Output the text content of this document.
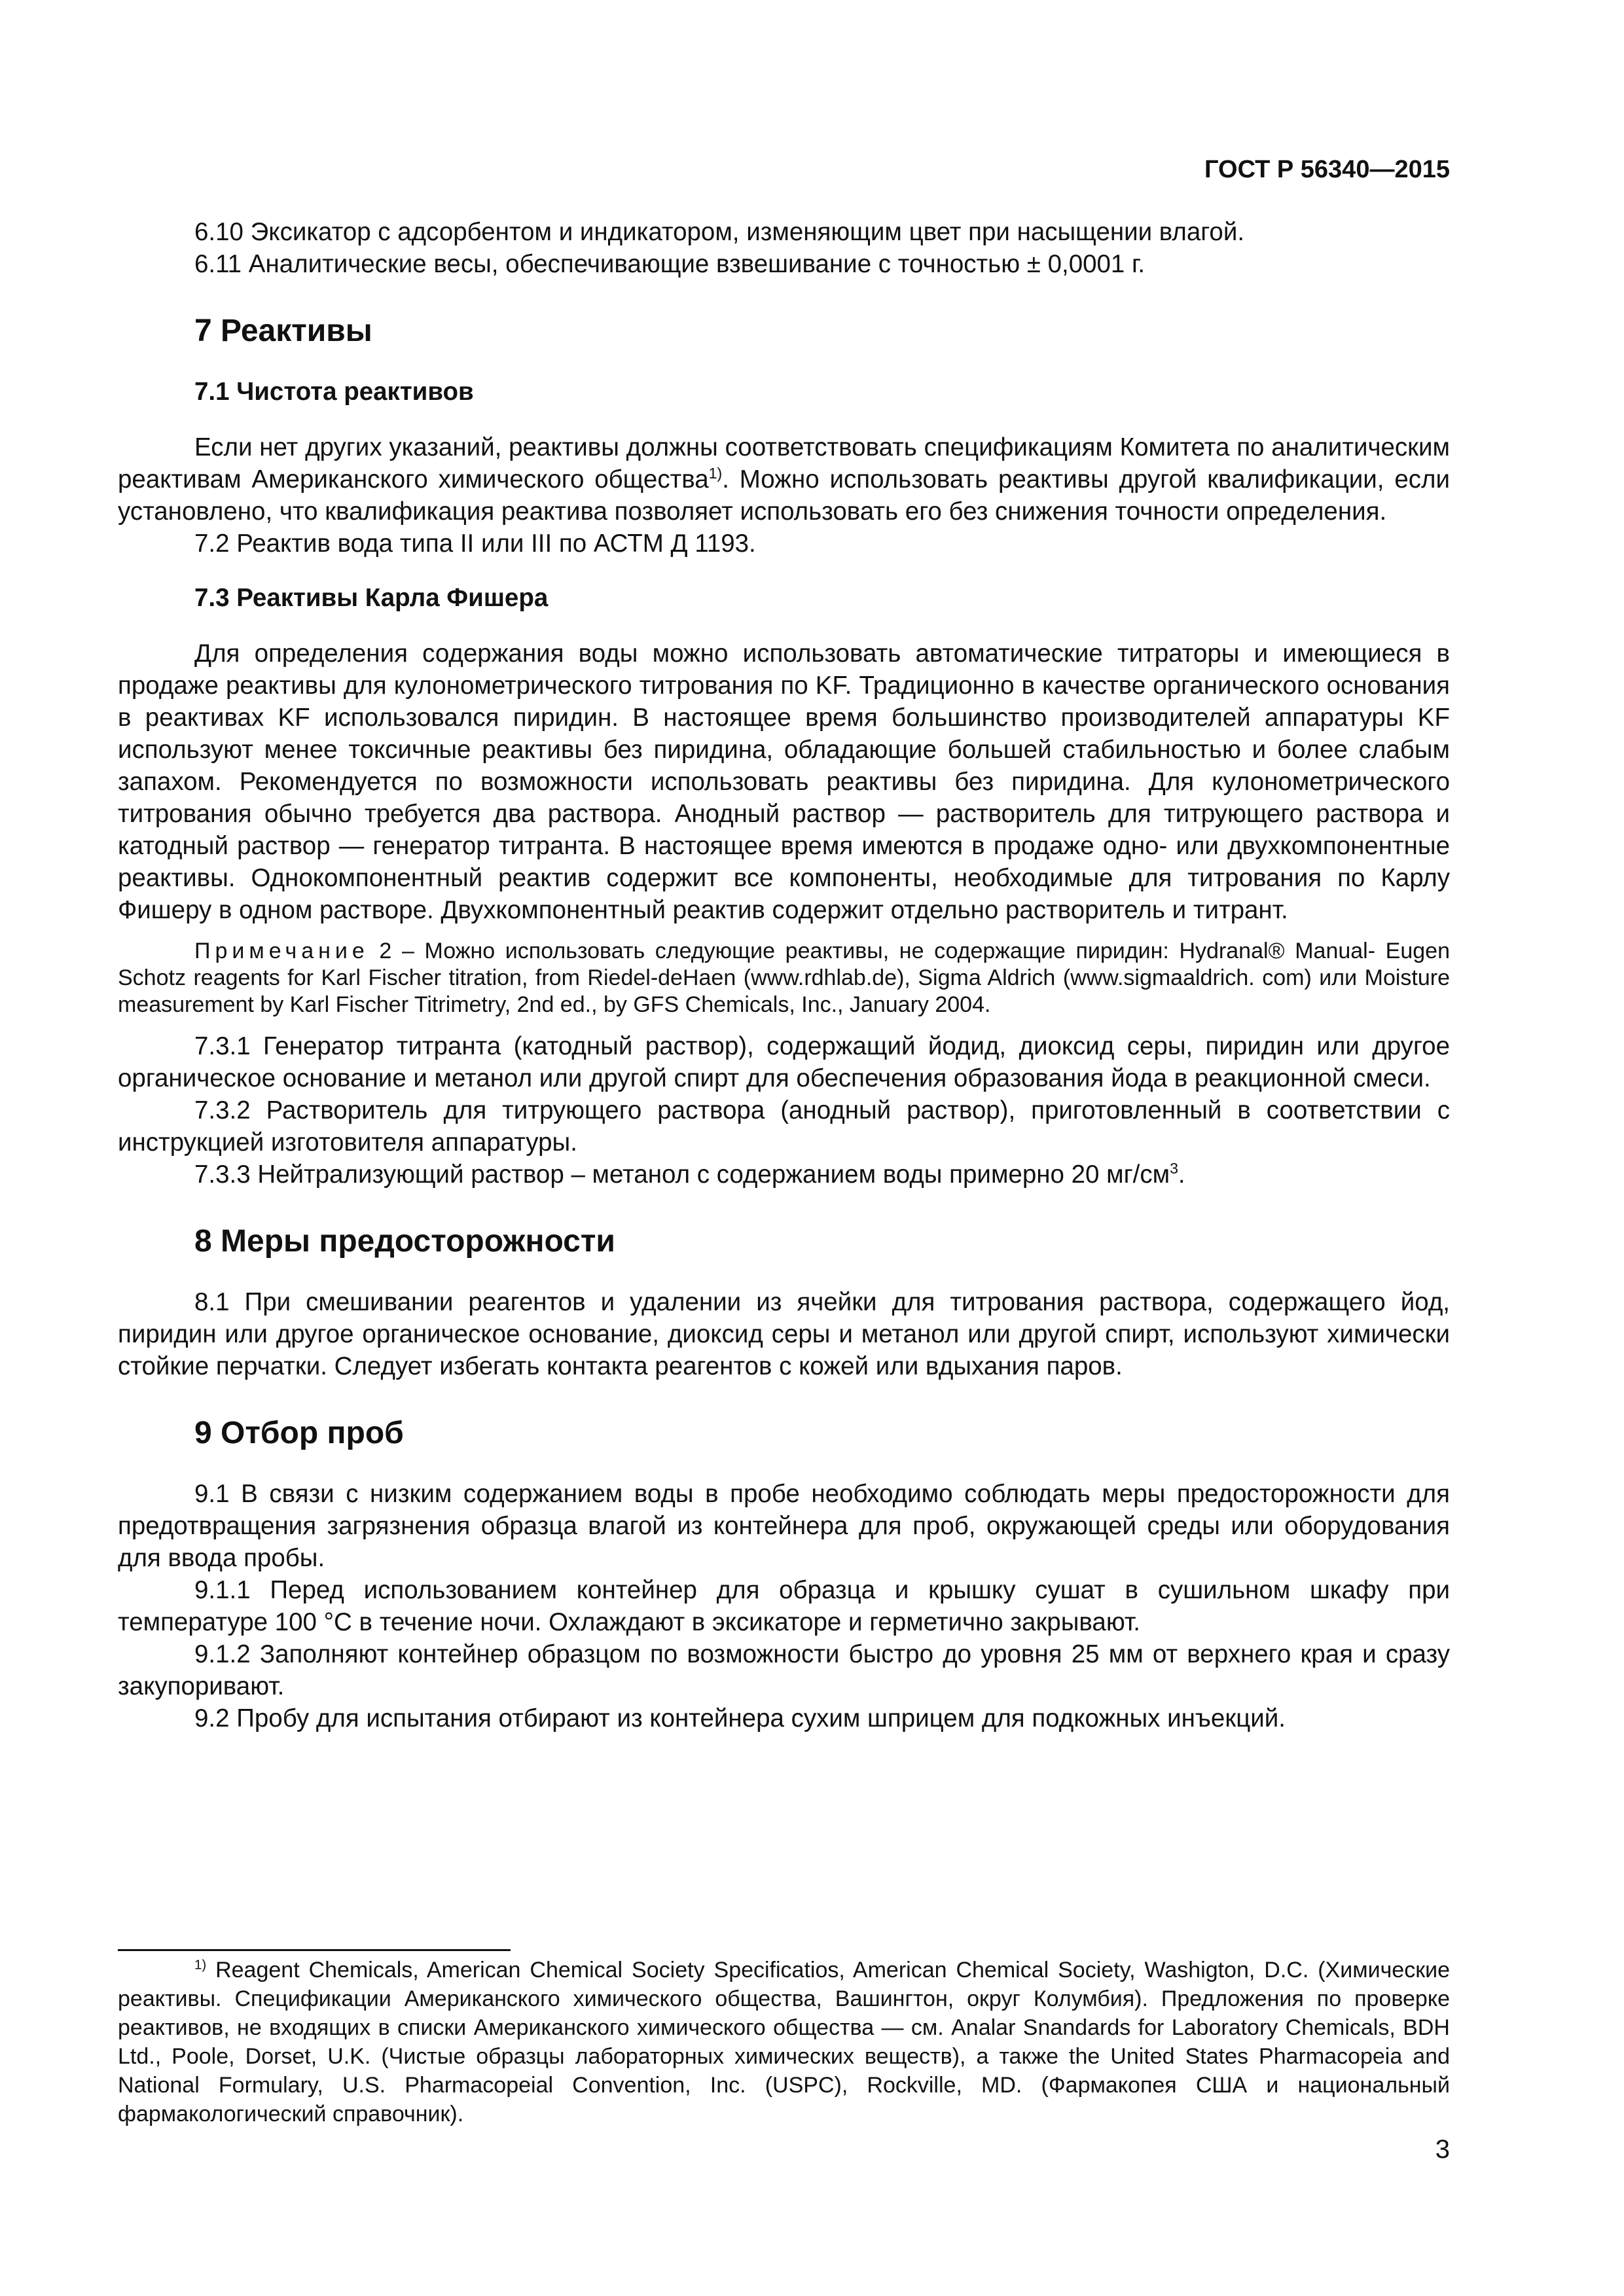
ГОСТ Р 56340—2015

6.10 Эксикатор с адсорбентом и индикатором, изменяющим цвет при насыщении влагой.

6.11 Аналитические весы, обеспечивающие взвешивание с точностью ± 0,0001 г.

7 Реактивы
7.1 Чистота реактивов

Если нет других указаний, реактивы должны соответствовать спецификациям Комитета по аналитическим реактивам Американского химического общества$^{1)}$. Можно использовать реактивы другой квалификации, если установлено, что квалификация реактива позволяет использовать его без снижения точности определения.

7.2 Реактив вода типа II или III по АСТМ Д 1193.

7.3 Реактивы Карла Фишера

Для определения содержания воды можно использовать автоматические титраторы и имеющиеся в продаже реактивы для кулонометрического титрования по KF. Традиционно в качестве органического основания в реактивах KF использовался пиридин. В настоящее время большинство производителей аппаратуры KF используют менее токсичные реактивы без пиридина, обладающие большей стабильностью и более слабым запахом. Рекомендуется по возможности использовать реактивы без пиридина. Для кулонометрического титрования обычно требуется два раствора. Анодный раствор — растворитель для титрующего раствора и катодный раствор — генератор титранта. В настоящее время имеются в продаже одно- или двухкомпонентные реактивы. Однокомпонентный реактив содержит все компоненты, необходимые для титрования по Карлу Фишеру в одном растворе. Двухкомпонентный реактив содержит отдельно растворитель и титрант.

Примечание 2 – Можно использовать следующие реактивы, не содержащие пиридин: Hydranal® Manual- Eugen Schotz reagents for Karl Fischer titration, from Riedel-deHaen (www.rdhlab.de), Sigma Aldrich (www.sigmaaldrich. com) или Moisture measurement by Karl Fischer Titrimetry, 2nd ed., by GFS Chemicals, Inc., January 2004.

7.3.1 Генератор титранта (катодный раствор), содержащий йодид, диоксид серы, пиридин или другое органическое основание и метанол или другой спирт для обеспечения образования йода в реакционной смеси.

7.3.2 Растворитель для титрующего раствора (анодный раствор), приготовленный в соответствии с инструкцией изготовителя аппаратуры.

7.3.3 Нейтрализующий раствор – метанол с содержанием воды примерно 20 $мг/см^3$.

8 Меры предосторожности

8.1 При смешивании реагентов и удалении из ячейки для титрования раствора, содержащего йод, пиридин или другое органическое основание, диоксид серы и метанол или другой спирт, используют химически стойкие перчатки. Следует избегать контакта реагентов с кожей или вдыхания паров.

9 Отбор проб

9.1 В связи с низким содержанием воды в пробе необходимо соблюдать меры предосторожности для предотвращения загрязнения образца влагой из контейнера для проб, окружающей среды или оборудования для ввода пробы.

9.1.1 Перед использованием контейнер для образца и крышку сушат в сушильном шкафу при температуре 100 °С в течение ночи. Охлаждают в эксикаторе и герметично закрывают.

9.1.2 Заполняют контейнер образцом по возможности быстро до уровня 25 мм от верхнего края и сразу закупоривают.

9.2 Пробу для испытания отбирают из контейнера сухим шприцем для подкожных инъекций.

$^{1)}$ Reagent Chemicals, American Chemical Society Specificatios, American Chemical Society, Washigton, D.C. (Химические реактивы. Спецификации Американского химического общества, Вашингтон, округ Колумбия). Предложения по проверке реактивов, не входящих в списки Американского химического общества — см. Analar Snandards for Laboratory Chemicals, BDH Ltd., Poole, Dorset, U.K. (Чистые образцы лабораторных химических веществ), а также the United States Pharmacopeia and National Formulary, U.S. Pharmacopeial Convention, Inc. (USPC), Rockville, MD. (Фармакопея США и национальный фармакологический справочник).

3
